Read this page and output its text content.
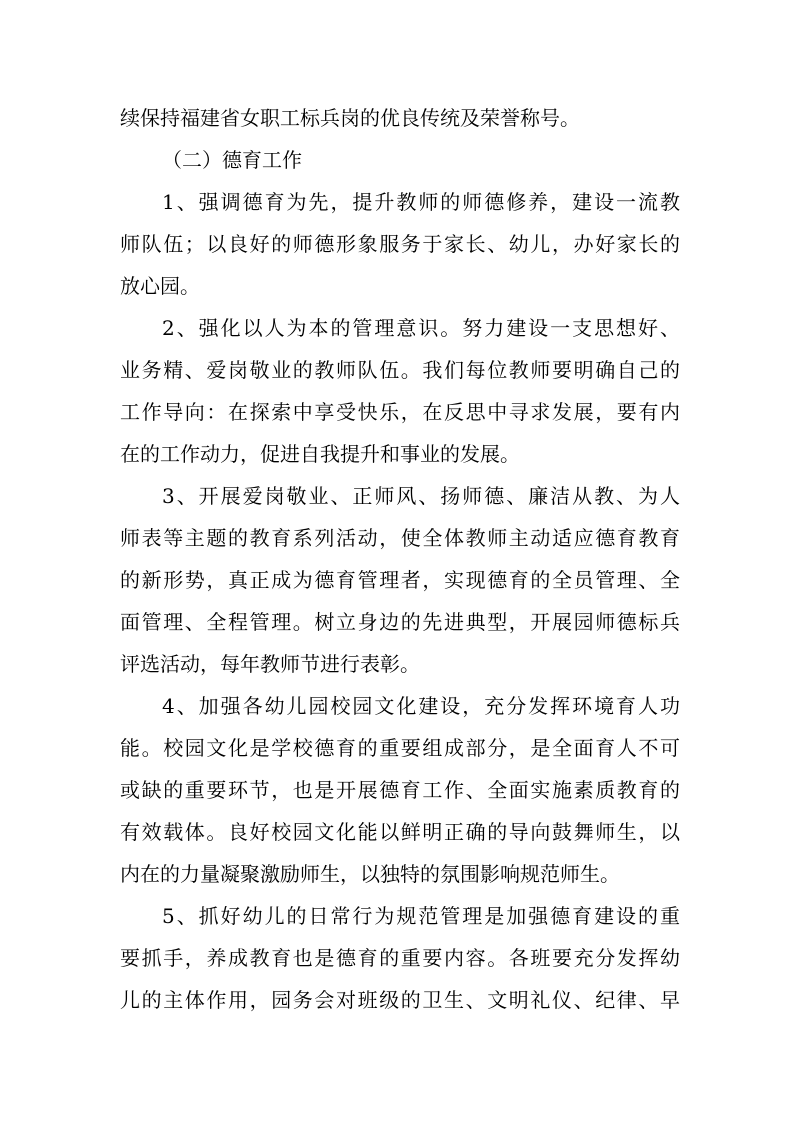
续保持福建省女职工标兵岗的优良传统及荣誉称号。
（二）德育工作
1、强调德育为先，提升教师的师德修养，建设一流教
师队伍；以良好的师德形象服务于家长、幼儿，办好家长的
放心园。
2、强化以人为本的管理意识。努力建设一支思想好、
业务精、爱岗敬业的教师队伍。我们每位教师要明确自己的
工作导向：在探索中享受快乐，在反思中寻求发展，要有内
在的工作动力，促进自我提升和事业的发展。
3、开展爱岗敬业、正师风、扬师德、廉洁从教、为人
师表等主题的教育系列活动，使全体教师主动适应德育教育
的新形势，真正成为德育管理者，实现德育的全员管理、全
面管理、全程管理。树立身边的先进典型，开展园师德标兵
评选活动，每年教师节进行表彰。
4、加强各幼儿园校园文化建设，充分发挥环境育人功
能。校园文化是学校德育的重要组成部分，是全面育人不可
或缺的重要环节，也是开展德育工作、全面实施素质教育的
有效载体。良好校园文化能以鲜明正确的导向鼓舞师生，以
内在的力量凝聚激励师生，以独特的氛围影响规范师生。
5、抓好幼儿的日常行为规范管理是加强德育建设的重
要抓手，养成教育也是德育的重要内容。各班要充分发挥幼
儿的主体作用，园务会对班级的卫生、文明礼仪、纪律、早
